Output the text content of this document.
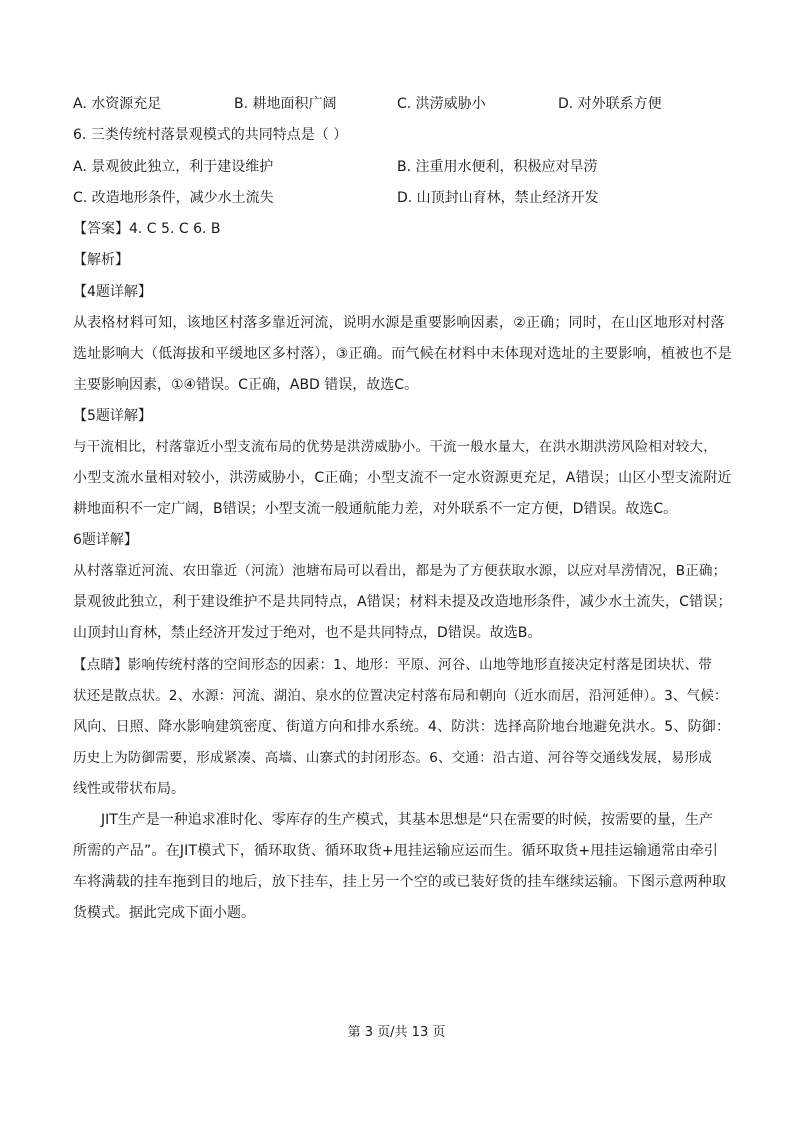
A. 水资源充足	B. 耕地面积广阔	C. 洪涝威胁小	D. 对外联系方便
6. 三类传统村落景观模式的共同特点是（ ）
A. 景观彼此独立，利于建设维护	B. 注重用水便利，积极应对旱涝
C. 改造地形条件，减少水土流失	D. 山顶封山育林，禁止经济开发
【答案】4. C 5. C 6. B
【解析】
【4题详解】
从表格材料可知，该地区村落多靠近河流，说明水源是重要影响因素，②正确；同时，在山区地形对村落
选址影响大（低海拔和平缓地区多村落），③正确。而气候在材料中未体现对选址的主要影响，植被也不是
主要影响因素，①④错误。C正确，ABD 错误，故选C。
【5题详解】
与干流相比，村落靠近小型支流布局的优势是洪涝威胁小。干流一般水量大，在洪水期洪涝风险相对较大，
小型支流水量相对较小，洪涝威胁小，C正确；小型支流不一定水资源更充足，A错误；山区小型支流附近
耕地面积不一定广阔，B错误；小型支流一般通航能力差，对外联系不一定方便，D错误。故选C。
6题详解】
从村落靠近河流、农田靠近（河流）池塘布局可以看出，都是为了方便获取水源，以应对旱涝情况，B正确；
景观彼此独立，利于建设维护不是共同特点，A错误；材料未提及改造地形条件，减少水土流失，C错误；
山顶封山育林，禁止经济开发过于绝对，也不是共同特点，D错误。故选B。
【点睛】影响传统村落的空间形态的因素：1、地形：平原、河谷、山地等地形直接决定村落是团块状、带
状还是散点状。2、水源：河流、湖泊、泉水的位置决定村落布局和朝向（近水而居，沿河延伸）。3、气候：
风向、日照、降水影响建筑密度、街道方向和排水系统。4、防洪：选择高阶地台地避免洪水。5、防御：
历史上为防御需要，形成紧凑、高墙、山寨式的封闭形态。6、交通：沿古道、河谷等交通线发展，易形成
线性或带状布局。
JIT生产是一种追求准时化、零库存的生产模式，其基本思想是“只在需要的时候，按需要的量，生产
所需的产品”。在JIT模式下，循环取货、循环取货+甩挂运输应运而生。循环取货+甩挂运输通常由牵引
车将满载的挂车拖到目的地后，放下挂车，挂上另一个空的或已装好货的挂车继续运输。下图示意两种取
货模式。据此完成下面小题。
第 3 页/共 13 页
